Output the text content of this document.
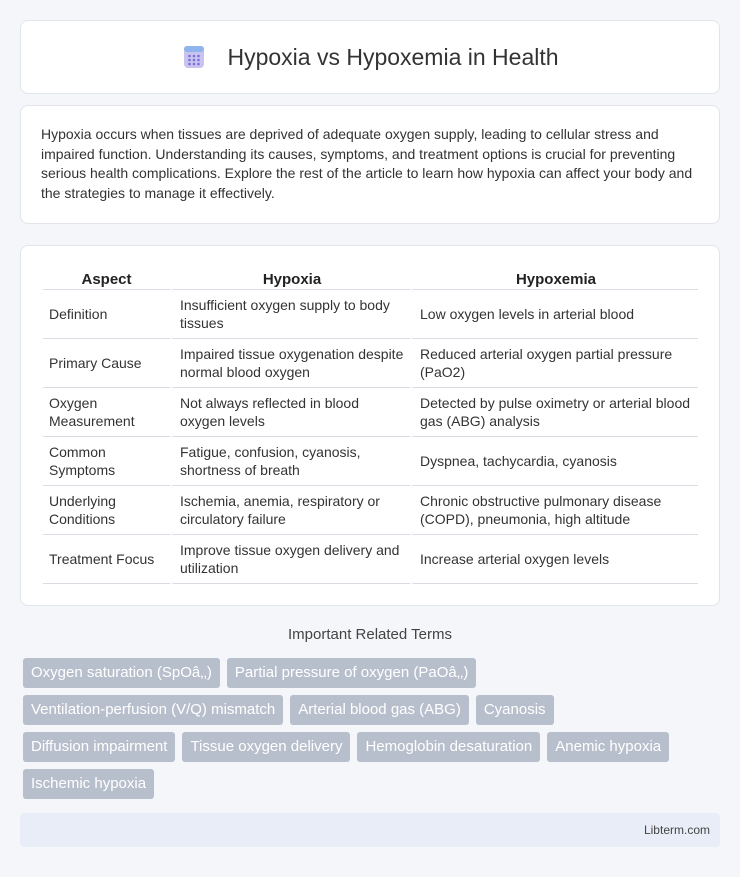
Hypoxia vs Hypoxemia in Health

Hypoxia occurs when tissues are deprived of adequate oxygen supply, leading to cellular stress and impaired function. Understanding its causes, symptoms, and treatment options is crucial for preventing serious health complications. Explore the rest of the article to learn how hypoxia can affect your body and the strategies to manage it effectively.

Aspect	Hypoxia	Hypoxemia
Definition	Insufficient oxygen supply to body tissues	Low oxygen levels in arterial blood
Primary Cause	Impaired tissue oxygenation despite normal blood oxygen	Reduced arterial oxygen partial pressure (PaO2)
Oxygen Measurement	Not always reflected in blood oxygen levels	Detected by pulse oximetry or arterial blood gas (ABG) analysis
Common Symptoms	Fatigue, confusion, cyanosis, shortness of breath	Dyspnea, tachycardia, cyanosis
Underlying Conditions	Ischemia, anemia, respiratory or circulatory failure	Chronic obstructive pulmonary disease (COPD), pneumonia, high altitude
Treatment Focus	Improve tissue oxygen delivery and utilization	Increase arterial oxygen levels
Important Related Terms
Oxygen saturation (SpOâ‚‚)	Partial pressure of oxygen (PaOâ‚‚)
Ventilation-perfusion (V/Q) mismatch	Arterial blood gas (ABG)	Cyanosis
Diffusion impairment	Tissue oxygen delivery	Hemoglobin desaturation	Anemic hypoxia
Ischemic hypoxia
Libterm.com
